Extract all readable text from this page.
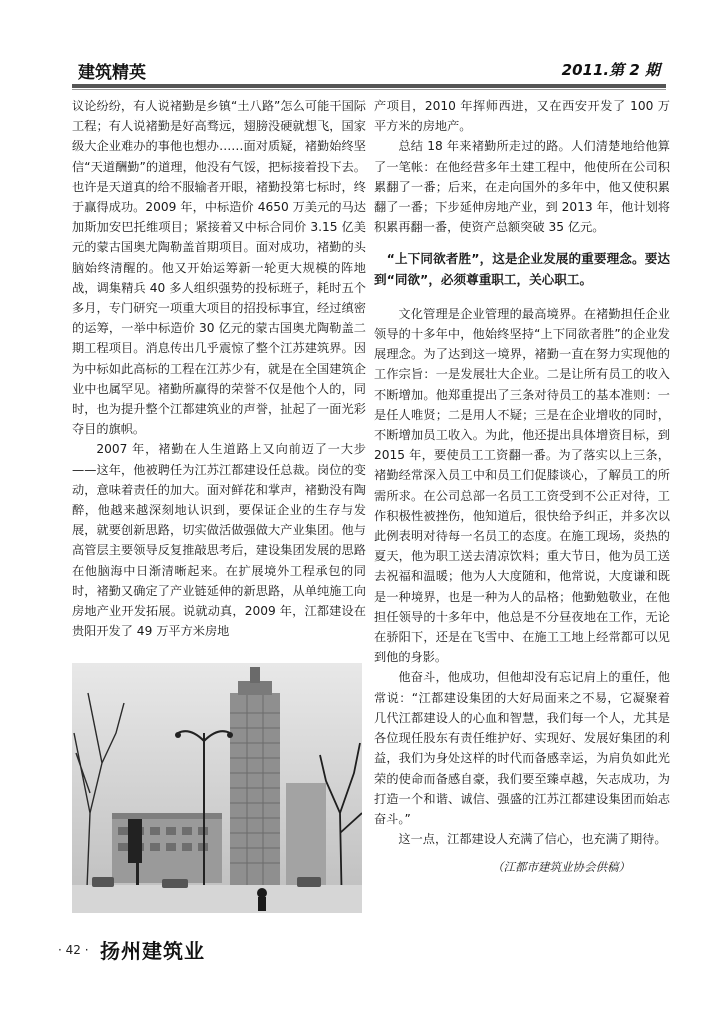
建筑精英	2011.第 2 期

议论纷纷，有人说褚勤是乡镇“土八路”怎么可能干国际工程；有人说褚勤是好高骛远，翅膀没硬就想飞，国家级大企业难办的事他也想办……面对质疑，褚勤始终坚信“天道酬勤”的道理，他没有气馁，把标接着投下去。也许是天道真的给不服输者开眼，褚勤投第七标时，终于赢得成功。2009 年，中标造价 4650 万美元的马达加斯加安巴托维项目；紧接着又中标合同价 3.15 亿美元的蒙古国奥尤陶勒盖首期项目。面对成功，褚勤的头脑始终清醒的。他又开始运筹新一轮更大规模的阵地战，调集精兵 40 多人组织强势的投标班子，耗时五个多月，专门研究一项重大项目的招投标事宜，经过缜密的运筹，一举中标造价 30 亿元的蒙古国奥尤陶勒盖二期工程项目。消息传出几乎震惊了整个江苏建筑界。因为中标如此高标的工程在江苏少有，就是在全国建筑企业中也属罕见。褚勤所赢得的荣誉不仅是他个人的，同时，也为提升整个江都建筑业的声誉，扯起了一面光彩夺目的旗帜。

2007 年，褚勤在人生道路上又向前迈了一大步——这年，他被聘任为江苏江都建设任总裁。岗位的变动，意味着责任的加大。面对鲜花和掌声，褚勤没有陶醉，他越来越深刻地认识到，要保证企业的生存与发展，就要创新思路，切实做活做强做大产业集团。他与高管层主要领导反复推敲思考后，建设集团发展的思路在他脑海中日渐清晰起来。在扩展境外工程承包的同时，褚勤又确定了产业链延伸的新思路，从单纯施工向房地产业开发拓展。说就动真，2009 年，江都建设在贵阳开发了 49 万平方米房地

产项目，2010 年挥师西进，又在西安开发了 100 万平方米的房地产。

总结 18 年来褚勤所走过的路。人们清楚地给他算了一笔帐：在他经营多年土建工程中，他使所在公司积累翻了一番；后来，在走向国外的多年中，他又使积累翻了一番；下步延伸房地产业，到 2013 年，他计划将积累再翻一番，使资产总额突破 35 亿元。

“上下同欲者胜”，这是企业发展的重要理念。要达到“同欲”，必须尊重职工，关心职工。

文化管理是企业管理的最高境界。在褚勤担任企业领导的十多年中，他始终坚持“上下同欲者胜”的企业发展理念。为了达到这一境界，褚勤一直在努力实现他的工作宗旨：一是发展壮大企业。二是让所有员工的收入不断增加。他郑重提出了三条对待员工的基本准则：一是任人唯贤；二是用人不疑；三是在企业增收的同时，不断增加员工收入。为此，他还提出具体增资目标，到 2015 年，要使员工工资翻一番。为了落实以上三条，褚勤经常深入员工中和员工们促膝谈心，了解员工的所需所求。在公司总部一名员工工资受到不公正对待，工作积极性被挫伤，他知道后，很快给予纠正，并多次以此例表明对待每一名员工的态度。在施工现场，炎热的夏天，他为职工送去清凉饮料；重大节日，他为员工送去祝福和温暖；他为人大度随和，他常说，大度谦和既是一种境界，也是一种为人的品格；他勤勉敬业，在他担任领导的十多年中，他总是不分昼夜地在工作，无论在骄阳下，还是在飞雪中、在施工工地上经常都可以见到他的身影。

他奋斗，他成功，但他却没有忘记肩上的重任，他常说：“江都建设集团的大好局面来之不易，它凝聚着几代江都建设人的心血和智慧，我们每一个人，尤其是各位现任股东有责任维护好、实现好、发展好集团的利益，我们为身处这样的时代而备感幸运，为肩负如此光荣的使命而备感自豪，我们要至臻卓越，矢志成功，为打造一个和谐、诚信、强盛的江苏江都建设集团而始志奋斗。”

这一点，江都建设人充满了信心，也充满了期待。

（江都市建筑业协会供稿）

· 42 · 扬州建筑业
